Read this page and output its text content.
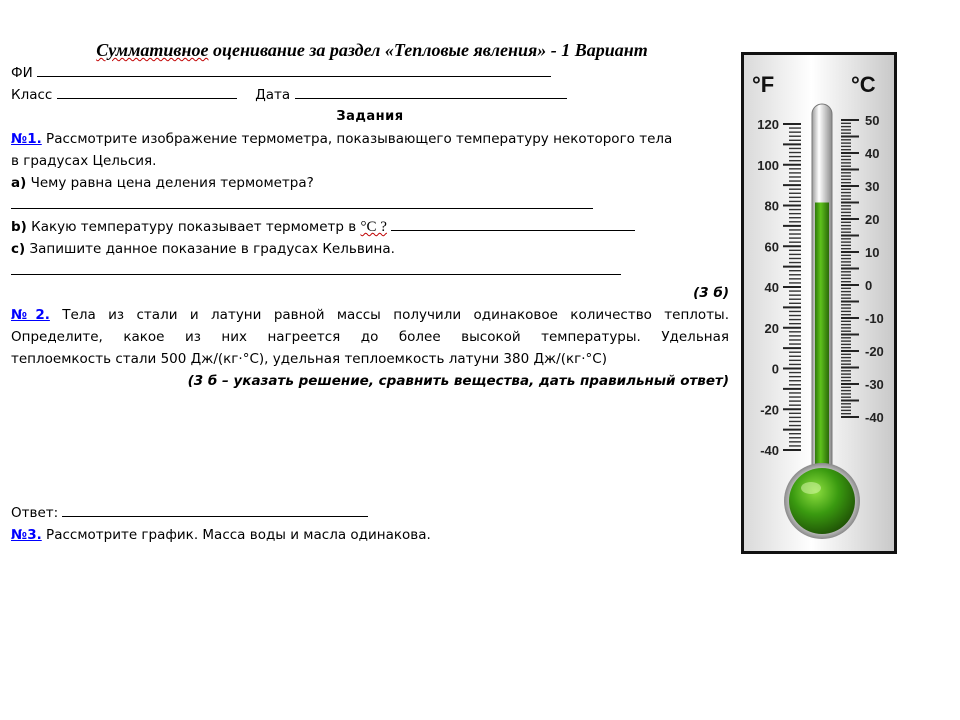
Суммативное оценивание за раздел «Тепловые явления» - 1 Вариант
ФИ
Класс	Дата
Задания
№1. Рассмотрите изображение термометра, показывающего температуру некоторого тела
в градусах Цельсия.
a) Чему равна цена деления термометра?
b) Какую температуру показывает термометр в °С ?
c) Запишите данное показание в градусах Кельвина.
(3 б)
№2. Тела из стали и латуни равной массы получили одинаковое количество теплоты.
Определите, какое из них нагреется до более высокой температуры. Удельная
теплоемкость стали 500 Дж/(кг·°С), удельная теплоемкость латуни 380 Дж/(кг·°С)
(3 б – указать решение, сравнить вещества, дать правильный ответ)
Ответ:
№3. Рассмотрите график. Масса воды и масла одинакова.
°F	°C
120
100
80
60
40
20
0
-20
-40
50
40
30
20
10
0
-10
-20
-30
-40
